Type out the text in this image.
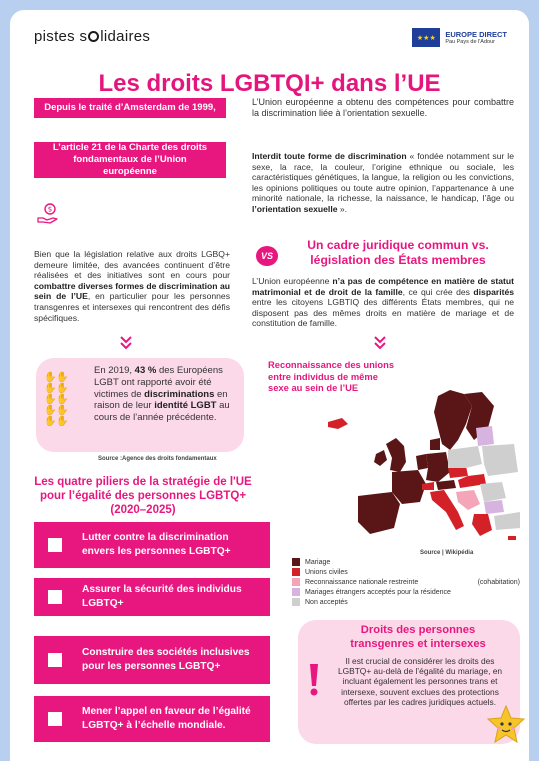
pistes s lidaires	★★★	EUROPE DIRECT
Pau Pays de l'Adour
Les droits LGBTQI+ dans l’UE
Depuis le traité d’Amsterdam de 1999,
L’article 21 de la Charte des droits fondamentaux de l’Union européenne
$

Bien que la législation relative aux droits LGBQ+ demeure limitée, des avancées continuent d’être réalisées et des initiatives sont en cours pour combattre diverses formes de discrimination au sein de l’UE, en particulier pour les personnes transgenres et intersexes qui rencontrent des défis spécifiques.

✋ ✋
✋ ✋
✋ ✋
✋ ✋
✋ ✋

En 2019, 43 % des Européens LGBT ont rapporté avoir été victimes de discriminations en raison de leur identité LGBT au cours de l’année précédente.

Source :Agence des droits fondamentaux
Les quatre piliers de la stratégie de l'UE pour l’égalité des personnes LGBTQ+ (2020–2025)
Lutter contre la discrimination envers les personnes LGBTQ+
Assurer la sécurité des individus LGBTQ+
Construire des sociétés inclusives pour les personnes LGBTQ+
Mener l’appel en faveur de l’égalité LGBTQ+ à l’échelle mondiale.

L’Union européenne a obtenu des compétences pour combattre la discrimination liée à l’orientation sexuelle.

Interdit toute forme de discrimination « fondée notamment sur le sexe, la race, la couleur, l’origine ethnique ou sociale, les caractéristiques génétiques, la langue, la religion ou les convictions, les opinions politiques ou toute autre opinion, l’appartenance à une minorité nationale, la richesse, la naissance, le handicap, l’âge ou l’orientation sexuelle ».

VS
Un cadre juridique commun vs. législation des États membres

L’Union européenne n’a pas de compétence en matière de statut matrimonial et de droit de la famille, ce qui crée des disparités entre les citoyens LGBTIQ des différents États membres, qui ne disposent pas des mêmes droits en matière de mariage et de constitution de famille.

Reconnaissance des unions entre individus de même sexe au sein de l’UE
Source | Wikipédia
Mariage
Unions civiles
Reconnaissance nationale restreinte	(cohabitation)
Mariages étrangers acceptés pour la résidence
Non acceptés
Droits des personnes transgenres et intersexes

Il est crucial de considérer les droits des LGBTQ+ au-delà de l’égalité du mariage, en incluant également les personnes trans et intersexe, souvent exclues des protections offertes par les cadres juridiques actuels.
